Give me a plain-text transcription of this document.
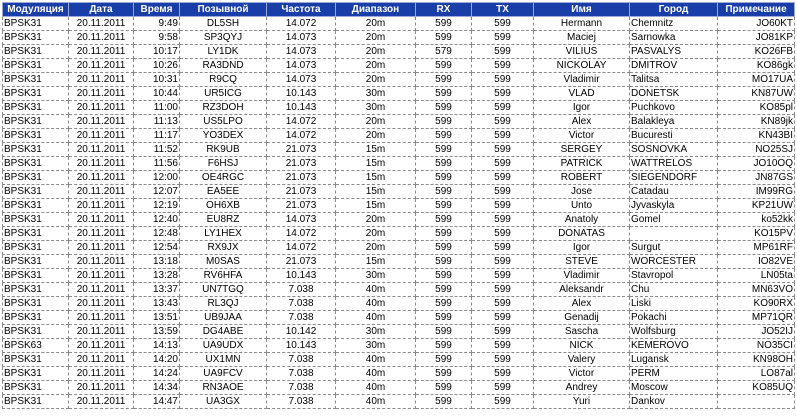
Модуляция	Дата	Время	Позывной	Частота	Диапазон	RX	TX	Имя	Город	Примечание
BPSK31	20.11.2011	9:49	DL5SH	14.072	20m	599	599	Hermann	Chemnitz	JO60KT
BPSK31	20.11.2011	9:58	SP3QYJ	14.073	20m	599	599	Maciej	Sarnowka	JO81KP
BPSK31	20.11.2011	10:17	LY1DK	14.073	20m	579	599	VILIUS	PASVALYS	KO26FB
BPSK31	20.11.2011	10:26	RA3DND	14.073	20m	599	599	NICKOLAY	DMITROV	KO86gk
BPSK31	20.11.2011	10:31	R9CQ	14.073	20m	599	599	Vladimir	Talitsa	MO17UA
BPSK31	20.11.2011	10:44	UR5ICG	10.143	30m	599	599	VLAD	DONETSK	KN87UW
BPSK31	20.11.2011	11:00	RZ3DOH	10.143	30m	599	599	Igor	Puchkovo	KO85pl
BPSK31	20.11.2011	11:13	US5LPO	14.072	20m	599	599	Alex	Balakleya	KN89jk
BPSK31	20.11.2011	11:17	YO3DEX	14.072	20m	599	599	Victor	Bucuresti	KN43BI
BPSK31	20.11.2011	11:52	RK9UB	21.073	15m	599	599	SERGEY	SOSNOVKA	NO25SJ
BPSK31	20.11.2011	11:56	F6HSJ	21.073	15m	599	599	PATRICK	WATTRELOS	JO10OQ
BPSK31	20.11.2011	12:00	OE4RGC	21.073	15m	599	599	ROBERT	SIEGENDORF	JN87GS
BPSK31	20.11.2011	12:07	EA5EE	21.073	15m	599	599	Jose	Catadau	IM99RG
BPSK31	20.11.2011	12:19	OH6XB	21.073	15m	599	599	Unto	Jyvaskyla	KP21UW
BPSK31	20.11.2011	12:40	EU8RZ	14.073	20m	599	599	Anatoly	Gomel	ko52kk
BPSK31	20.11.2011	12:48	LY1HEX	14.072	20m	599	599	DONATAS		KO15PV
BPSK31	20.11.2011	12:54	RX9JX	14.072	20m	599	599	Igor	Surgut	MP61RF
BPSK31	20.11.2011	13:18	M0SAS	21.073	15m	599	599	STEVE	WORCESTER	IO82VE
BPSK31	20.11.2011	13:28	RV6HFA	10.143	30m	599	599	Vladimir	Stavropol	LN05ta
BPSK31	20.11.2011	13:37	UN7TGQ	7.038	40m	599	599	Aleksandr	Chu	MN63VO
BPSK31	20.11.2011	13:43	RL3QJ	7.038	40m	599	599	Alex	Liski	KO90RX
BPSK31	20.11.2011	13:51	UB9JAA	7.038	40m	599	599	Genadij	Pokachi	MP71QR
BPSK31	20.11.2011	13:59	DG4ABE	10.142	30m	599	599	Sascha	Wolfsburg	JO52IJ
BPSK63	20.11.2011	14:13	UA9UDX	10.143	30m	599	599	NICK	KEMEROVO	NO35CI
BPSK31	20.11.2011	14:20	UX1MN	7.038	40m	599	599	Valery	Lugansk	KN98OH
BPSK31	20.11.2011	14:24	UA9FCV	7.038	40m	599	599	Victor	PERM	LO87al
BPSK31	20.11.2011	14:34	RN3AOE	7.038	40m	599	599	Andrey	Moscow	KO85UQ
BPSK31	20.11.2011	14:47	UA3GX	7.038	40m	599	599	Yuri	Dankov	
